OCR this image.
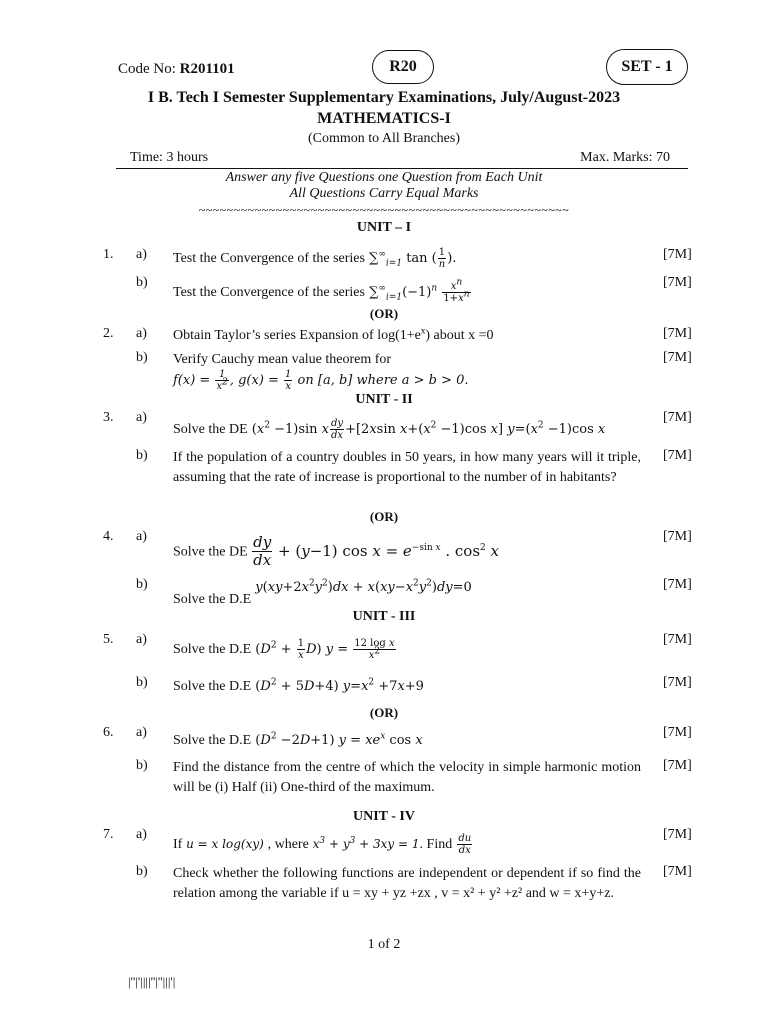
Code No: R201101	R20	SET - 1
I B. Tech I Semester Supplementary Examinations, July/August-2023
MATHEMATICS-I
(Common to All Branches)
Time: 3 hours	Max. Marks: 70
Answer any five Questions one Question from Each Unit
All Questions Carry Equal Marks
~~~~~~~~~~~~~~~~~~~~~~~~~~~~~~~~~~~~~~~~~~~~~~~~~~~~~
UNIT – I
1. a) Test the Convergence of the series $\sum^\infty_{i=1}$ tan ( $\frac{1}{n}$ ).	[7M]
b)
Test the Convergence of the series $\sum^\infty_{i=1}(-1)^n \frac{x^n}{1+x^n}$	[7M]
(OR)
2. a) Obtain Taylor’s series Expansion of $\log(1+e^x)$ about x =0	[7M]
b) Verify Cauchy mean value theorem for
$f(x) = \frac{1}{x^2}$ , $g(x) = \frac{1}{x}$ on [a, b] where a > b > 0.
[7M]
UNIT - II
3. a)
Solve the DE $(x^2 -1)\sin$ x $\frac{dy}{dx} +[2xsin$ $x+(x^2 -1)\cos$ x] $y=(x^2 -1)\cos$ x
[7M]
b) If the population of a country doubles in 50 years, in how many years will it triple, assuming that the rate of increase is proportional to the number of in habitants?
[7M]
(OR)
4. a)
Solve the DE $\frac{dy}{dx} + (y-1)$ $\cos x = e^{-sin x}$ . $\cos^2 x$
[7M]
b)
Solve the D.E $y(xy+2x^2y^2)dx + x(xy-x^2y^2)dy=0$	[7M]
UNIT - III
5. a)
Solve the D.E $(D^2 + \frac{1}{x} D) y = \frac{\text{12 log x}}{x^2}$	[7M]
b) Solve the D.E $(D^2 + 5D+4)$ $y=x^2 +7x+9$	[7M]
(OR)
6. a)
Solve the D.E $(D^2 -2D+1) y = xe^x$ cos x
[7M]
b) Find the distance from the centre of which the velocity in simple harmonic motion will be (i) Half (ii) One-third of the maximum.
[7M]
UNIT - IV
7. a)
If u = x log(xy) , where $x^3 + y^3 + 3xy = 1$. Find $\frac{du}{dx}$	[7M]
b) Check whether the following functions are independent or dependent if so find the relation among the variable if u = xy + yz +zx , v = x² + y² +z² and w = x+y+z.
[7M]
1 of 2
|''|'||||''|''|||'|
